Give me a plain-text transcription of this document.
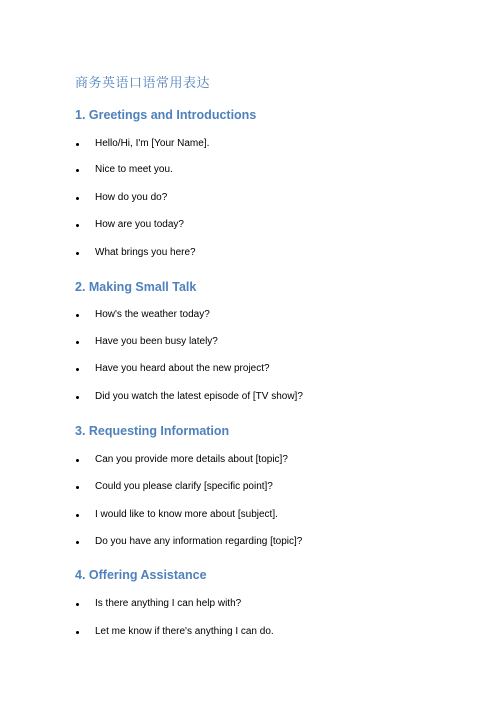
商务英语口语常用表达
1. Greetings and Introductions
Hello/Hi, I'm [Your Name].
Nice to meet you.
How do you do?
How are you today?
What brings you here?
2. Making Small Talk
How's the weather today?
Have you been busy lately?
Have you heard about the new project?
Did you watch the latest episode of [TV show]?
3. Requesting Information
Can you provide more details about [topic]?
Could you please clarify [specific point]?
I would like to know more about [subject].
Do you have any information regarding [topic]?
4. Offering Assistance
Is there anything I can help with?
Let me know if there's anything I can do.
